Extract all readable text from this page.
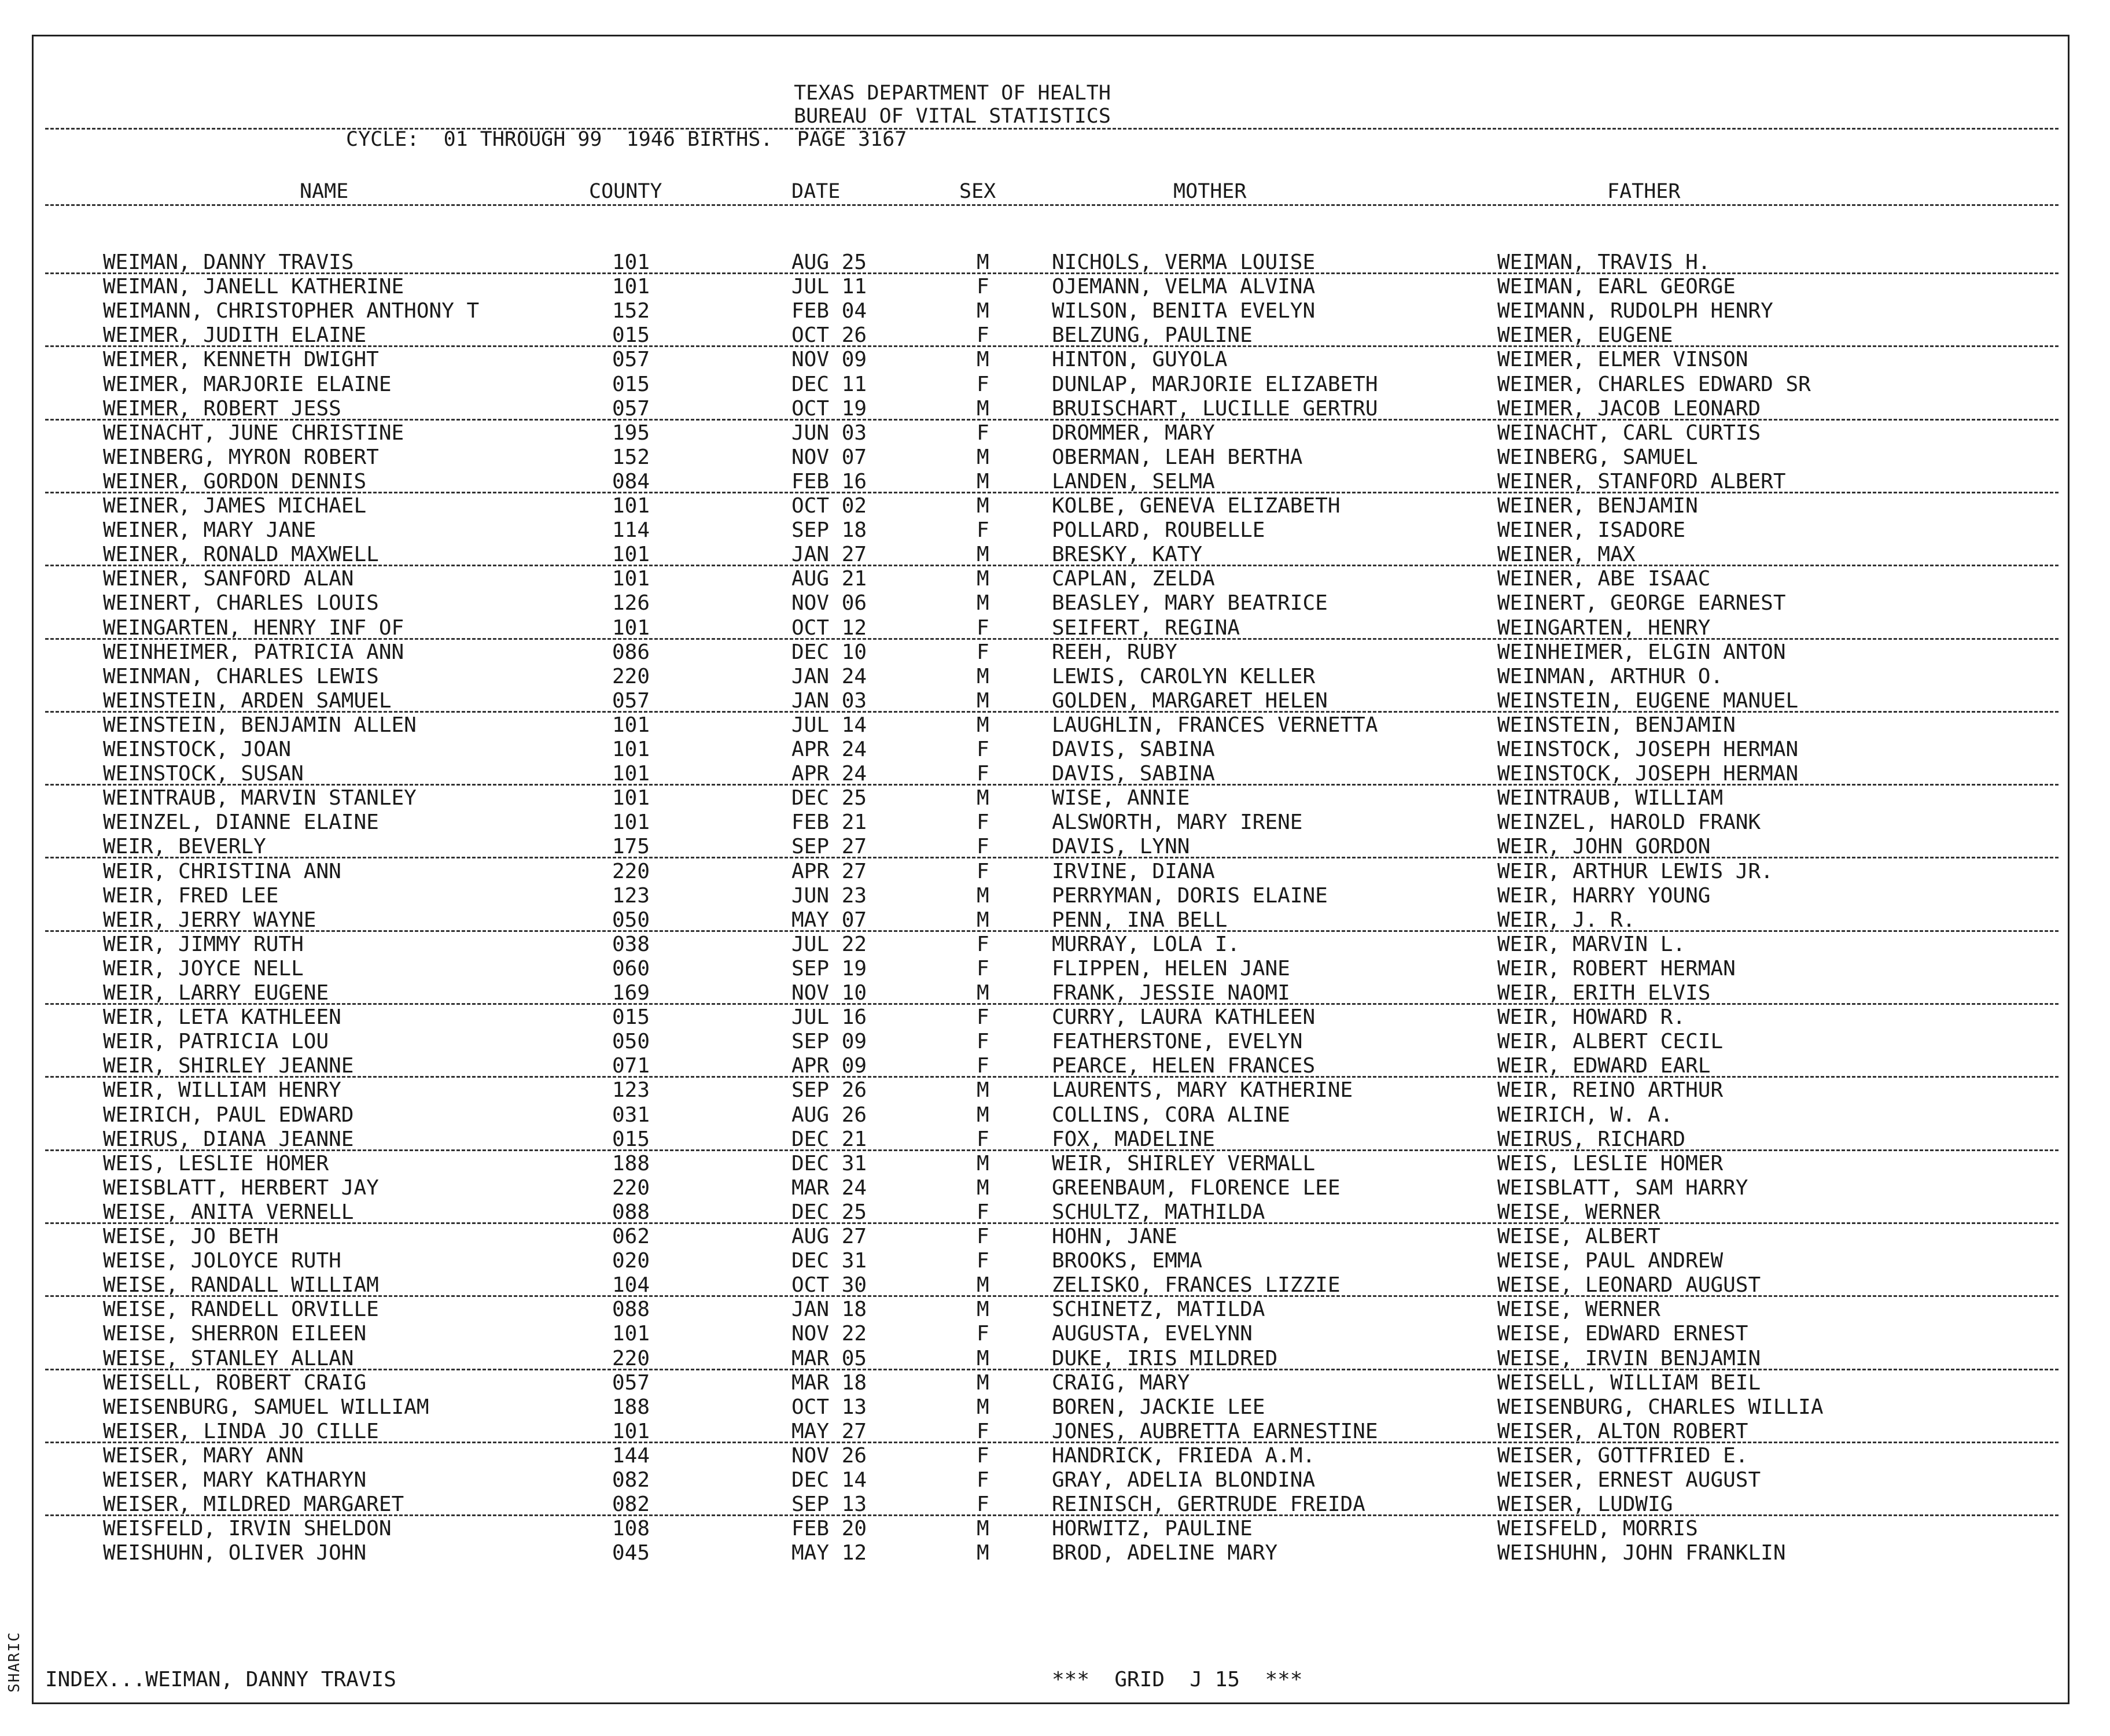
SHARIC
TEXAS DEPARTMENT OF HEALTH
BUREAU OF VITAL STATISTICS
CYCLE:  01 THROUGH 99  1946 BIRTHS.  PAGE 3167
NAME	COUNTY	DATE	SEX	MOTHER	FATHER
WEIMAN, DANNY TRAVIS	101	AUG 25	M	NICHOLS, VERMA LOUISE	WEIMAN, TRAVIS H.
WEIMAN, JANELL KATHERINE	101	JUL 11	F	OJEMANN, VELMA ALVINA	WEIMAN, EARL GEORGE
WEIMANN, CHRISTOPHER ANTHONY T	152	FEB 04	M	WILSON, BENITA EVELYN	WEIMANN, RUDOLPH HENRY
WEIMER, JUDITH ELAINE	015	OCT 26	F	BELZUNG, PAULINE	WEIMER, EUGENE
WEIMER, KENNETH DWIGHT	057	NOV 09	M	HINTON, GUYOLA	WEIMER, ELMER VINSON
WEIMER, MARJORIE ELAINE	015	DEC 11	F	DUNLAP, MARJORIE ELIZABETH	WEIMER, CHARLES EDWARD SR
WEIMER, ROBERT JESS	057	OCT 19	M	BRUISCHART, LUCILLE GERTRU	WEIMER, JACOB LEONARD
WEINACHT, JUNE CHRISTINE	195	JUN 03	F	DROMMER, MARY	WEINACHT, CARL CURTIS
WEINBERG, MYRON ROBERT	152	NOV 07	M	OBERMAN, LEAH BERTHA	WEINBERG, SAMUEL
WEINER, GORDON DENNIS	084	FEB 16	M	LANDEN, SELMA	WEINER, STANFORD ALBERT
WEINER, JAMES MICHAEL	101	OCT 02	M	KOLBE, GENEVA ELIZABETH	WEINER, BENJAMIN
WEINER, MARY JANE	114	SEP 18	F	POLLARD, ROUBELLE	WEINER, ISADORE
WEINER, RONALD MAXWELL	101	JAN 27	M	BRESKY, KATY	WEINER, MAX
WEINER, SANFORD ALAN	101	AUG 21	M	CAPLAN, ZELDA	WEINER, ABE ISAAC
WEINERT, CHARLES LOUIS	126	NOV 06	M	BEASLEY, MARY BEATRICE	WEINERT, GEORGE EARNEST
WEINGARTEN, HENRY INF OF	101	OCT 12	F	SEIFERT, REGINA	WEINGARTEN, HENRY
WEINHEIMER, PATRICIA ANN	086	DEC 10	F	REEH, RUBY	WEINHEIMER, ELGIN ANTON
WEINMAN, CHARLES LEWIS	220	JAN 24	M	LEWIS, CAROLYN KELLER	WEINMAN, ARTHUR O.
WEINSTEIN, ARDEN SAMUEL	057	JAN 03	M	GOLDEN, MARGARET HELEN	WEINSTEIN, EUGENE MANUEL
WEINSTEIN, BENJAMIN ALLEN	101	JUL 14	M	LAUGHLIN, FRANCES VERNETTA	WEINSTEIN, BENJAMIN
WEINSTOCK, JOAN	101	APR 24	F	DAVIS, SABINA	WEINSTOCK, JOSEPH HERMAN
WEINSTOCK, SUSAN	101	APR 24	F	DAVIS, SABINA	WEINSTOCK, JOSEPH HERMAN
WEINTRAUB, MARVIN STANLEY	101	DEC 25	M	WISE, ANNIE	WEINTRAUB, WILLIAM
WEINZEL, DIANNE ELAINE	101	FEB 21	F	ALSWORTH, MARY IRENE	WEINZEL, HAROLD FRANK
WEIR, BEVERLY	175	SEP 27	F	DAVIS, LYNN	WEIR, JOHN GORDON
WEIR, CHRISTINA ANN	220	APR 27	F	IRVINE, DIANA	WEIR, ARTHUR LEWIS JR.
WEIR, FRED LEE	123	JUN 23	M	PERRYMAN, DORIS ELAINE	WEIR, HARRY YOUNG
WEIR, JERRY WAYNE	050	MAY 07	M	PENN, INA BELL	WEIR, J. R.
WEIR, JIMMY RUTH	038	JUL 22	F	MURRAY, LOLA I.	WEIR, MARVIN L.
WEIR, JOYCE NELL	060	SEP 19	F	FLIPPEN, HELEN JANE	WEIR, ROBERT HERMAN
WEIR, LARRY EUGENE	169	NOV 10	M	FRANK, JESSIE NAOMI	WEIR, ERITH ELVIS
WEIR, LETA KATHLEEN	015	JUL 16	F	CURRY, LAURA KATHLEEN	WEIR, HOWARD R.
WEIR, PATRICIA LOU	050	SEP 09	F	FEATHERSTONE, EVELYN	WEIR, ALBERT CECIL
WEIR, SHIRLEY JEANNE	071	APR 09	F	PEARCE, HELEN FRANCES	WEIR, EDWARD EARL
WEIR, WILLIAM HENRY	123	SEP 26	M	LAURENTS, MARY KATHERINE	WEIR, REINO ARTHUR
WEIRICH, PAUL EDWARD	031	AUG 26	M	COLLINS, CORA ALINE	WEIRICH, W. A.
WEIRUS, DIANA JEANNE	015	DEC 21	F	FOX, MADELINE	WEIRUS, RICHARD
WEIS, LESLIE HOMER	188	DEC 31	M	WEIR, SHIRLEY VERMALL	WEIS, LESLIE HOMER
WEISBLATT, HERBERT JAY	220	MAR 24	M	GREENBAUM, FLORENCE LEE	WEISBLATT, SAM HARRY
WEISE, ANITA VERNELL	088	DEC 25	F	SCHULTZ, MATHILDA	WEISE, WERNER
WEISE, JO BETH	062	AUG 27	F	HOHN, JANE	WEISE, ALBERT
WEISE, JOLOYCE RUTH	020	DEC 31	F	BROOKS, EMMA	WEISE, PAUL ANDREW
WEISE, RANDALL WILLIAM	104	OCT 30	M	ZELISKO, FRANCES LIZZIE	WEISE, LEONARD AUGUST
WEISE, RANDELL ORVILLE	088	JAN 18	M	SCHINETZ, MATILDA	WEISE, WERNER
WEISE, SHERRON EILEEN	101	NOV 22	F	AUGUSTA, EVELYNN	WEISE, EDWARD ERNEST
WEISE, STANLEY ALLAN	220	MAR 05	M	DUKE, IRIS MILDRED	WEISE, IRVIN BENJAMIN
WEISELL, ROBERT CRAIG	057	MAR 18	M	CRAIG, MARY	WEISELL, WILLIAM BEIL
WEISENBURG, SAMUEL WILLIAM	188	OCT 13	M	BOREN, JACKIE LEE	WEISENBURG, CHARLES WILLIA
WEISER, LINDA JO CILLE	101	MAY 27	F	JONES, AUBRETTA EARNESTINE	WEISER, ALTON ROBERT
WEISER, MARY ANN	144	NOV 26	F	HANDRICK, FRIEDA A.M.	WEISER, GOTTFRIED E.
WEISER, MARY KATHARYN	082	DEC 14	F	GRAY, ADELIA BLONDINA	WEISER, ERNEST AUGUST
WEISER, MILDRED MARGARET	082	SEP 13	F	REINISCH, GERTRUDE FREIDA	WEISER, LUDWIG
WEISFELD, IRVIN SHELDON	108	FEB 20	M	HORWITZ, PAULINE	WEISFELD, MORRIS
WEISHUHN, OLIVER JOHN	045	MAY 12	M	BROD, ADELINE MARY	WEISHUHN, JOHN FRANKLIN
INDEX...WEIMAN, DANNY TRAVIS	***  GRID  J 15  ***
